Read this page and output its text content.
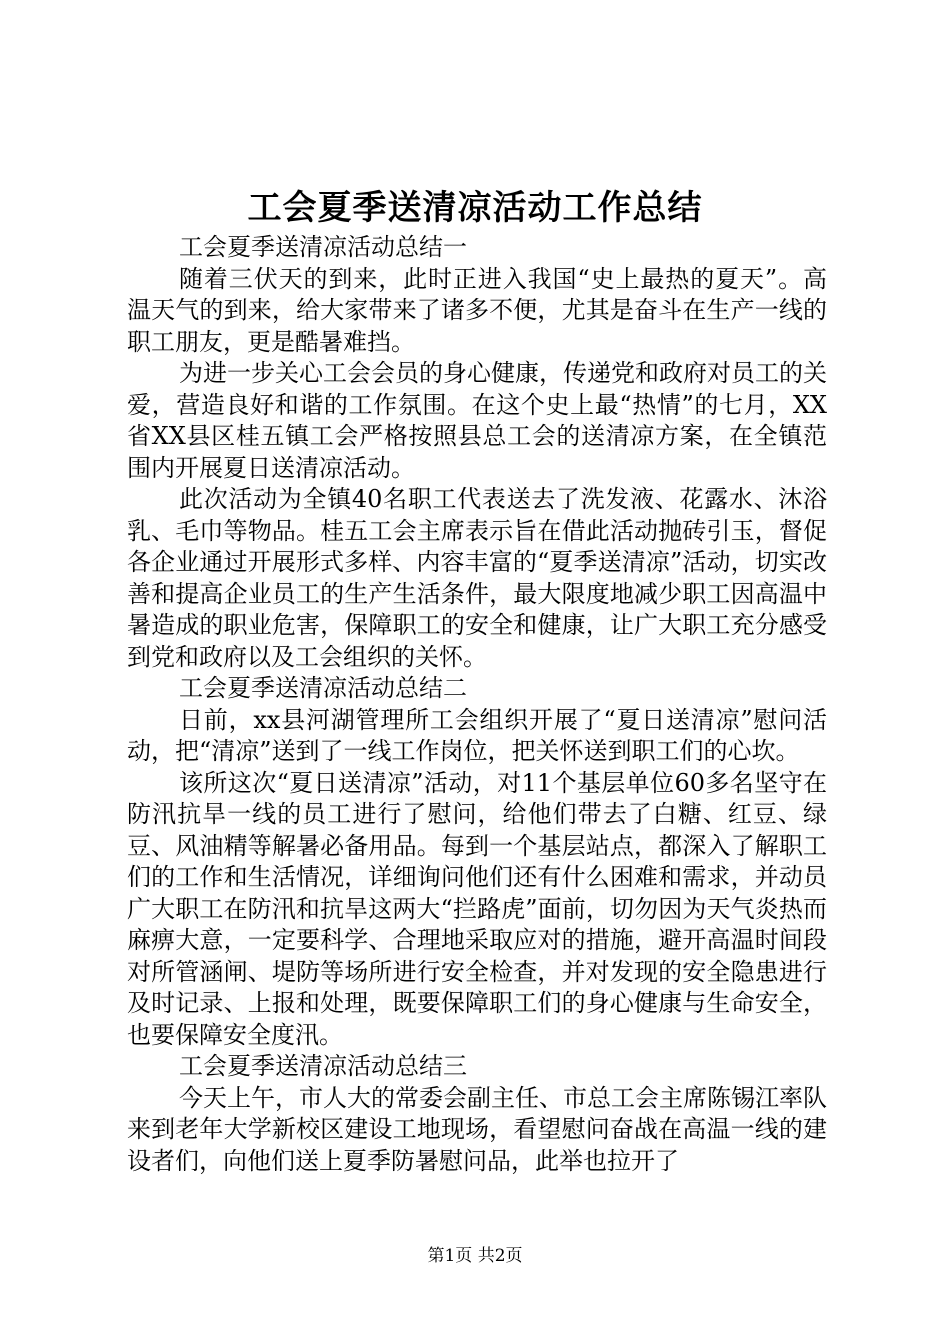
工会夏季送清凉活动工作总结

工会夏季送清凉活动总结一

随着三伏天的到来，此时正进入我国“史上最热的夏天”。高温天气的到来，给大家带来了诸多不便，尤其是奋斗在生产一线的职工朋友，更是酷暑难挡。

为进一步关心工会会员的身心健康，传递党和政府对员工的关爱，营造良好和谐的工作氛围。在这个史上最“热情”的七月，XX省XX县区桂五镇工会严格按照县总工会的送清凉方案，在全镇范围内开展夏日送清凉活动。

此次活动为全镇40名职工代表送去了洗发液、花露水、沐浴乳、毛巾等物品。桂五工会主席表示旨在借此活动抛砖引玉，督促各企业通过开展形式多样、内容丰富的“夏季送清凉”活动，切实改善和提高企业员工的生产生活条件，最大限度地减少职工因高温中暑造成的职业危害，保障职工的安全和健康，让广大职工充分感受到党和政府以及工会组织的关怀。

工会夏季送清凉活动总结二

日前，xx县河湖管理所工会组织开展了“夏日送清凉”慰问活动，把“清凉”送到了一线工作岗位，把关怀送到职工们的心坎。

该所这次“夏日送清凉”活动，对11个基层单位60多名坚守在防汛抗旱一线的员工进行了慰问，给他们带去了白糖、红豆、绿豆、风油精等解暑必备用品。每到一个基层站点，都深入了解职工们的工作和生活情况，详细询问他们还有什么困难和需求，并动员广大职工在防汛和抗旱这两大“拦路虎”面前，切勿因为天气炎热而麻痹大意，一定要科学、合理地采取应对的措施，避开高温时间段对所管涵闸、堤防等场所进行安全检查，并对发现的安全隐患进行及时记录、上报和处理，既要保障职工们的身心健康与生命安全，也要保障安全度汛。

工会夏季送清凉活动总结三

今天上午，市人大的常委会副主任、市总工会主席陈锡江率队来到老年大学新校区建设工地现场，看望慰问奋战在高温一线的建设者们，向他们送上夏季防暑慰问品，此举也拉开了

第1页 共2页
